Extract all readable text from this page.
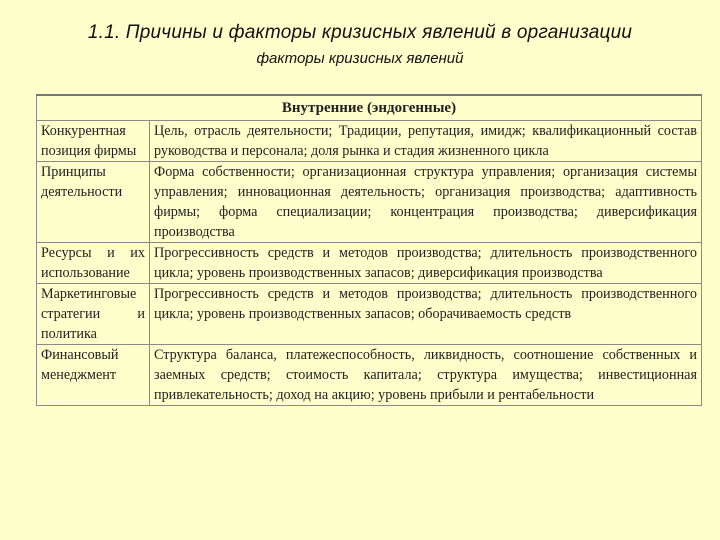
1.1. Причины и факторы кризисных явлений в организации
факторы кризисных явлений
Внутренние (эндогенные)	
Конкурентная позиция фирмы	Цель, отрасль деятельности; Традиции, репутация, имидж; квалификационный состав руководства и персонала; доля рынка и стадия жизненного цикла
Принципы деятельности	Форма собственности; организационная структура управления; организация системы управления; инновационная деятельность; организация производства; адаптивность фирмы; форма специализации; концентрация производства; диверсификация производства
Ресурсы и их использование	Прогрессивность средств и методов производства; длительность производственного цикла; уровень производственных запасов; диверсификация производства
Маркетинговые стратегии и политика	Прогрессивность средств и методов производства; длительность производственного цикла; уровень производственных запасов; оборачиваемость средств
Финансовый менеджмент	Структура баланса, платежеспособность, ликвидность, соотношение собственных и заемных средств; стоимость капитала; структура имущества; инвестиционная привлекательность; доход на акцию; уровень прибыли и рентабельности
